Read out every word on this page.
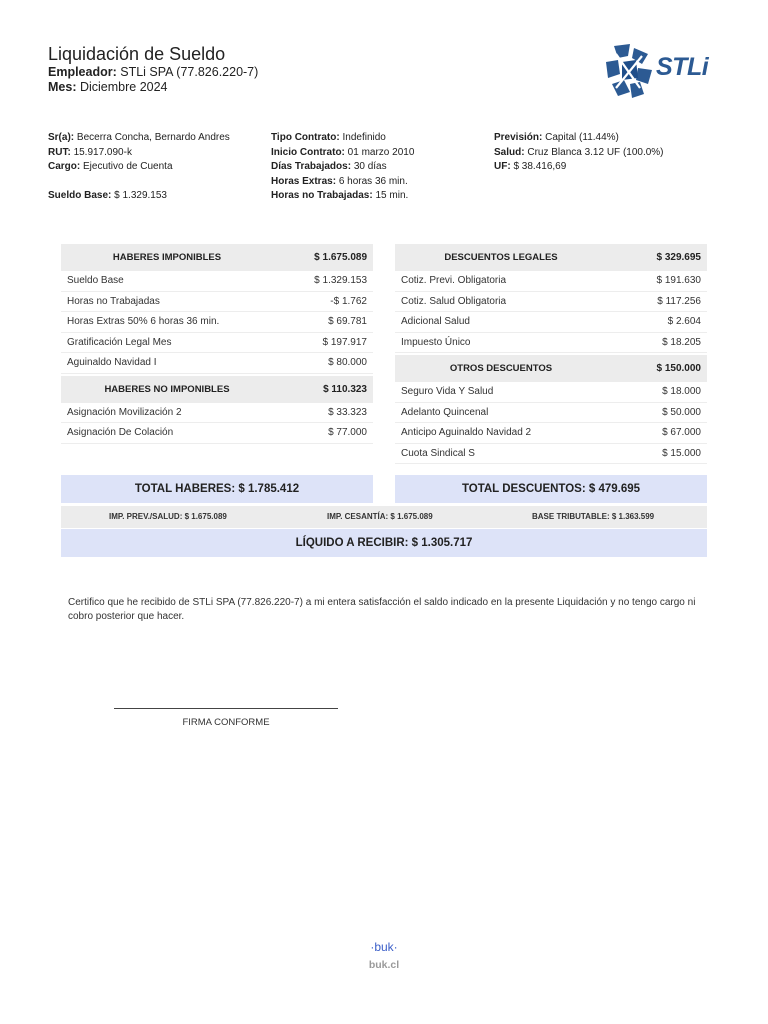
Liquidación de Sueldo
Empleador: STLi SPA (77.826.220-7)
Mes: Diciembre 2024
STLi
Sr(a): Becerra Concha, Bernardo Andres
RUT: 15.917.090-k
Cargo: Ejecutivo de Cuenta
Sueldo Base: $ 1.329.153
Tipo Contrato: Indefinido
Inicio Contrato: 01 marzo 2010
Días Trabajados: 30 días
Horas Extras: 6 horas 36 min.
Horas no Trabajadas: 15 min.
Previsión: Capital (11.44%)
Salud: Cruz Blanca 3.12 UF (100.0%)
UF: $ 38.416,69
HABERES IMPONIBLES	$ 1.675.089
Sueldo Base	$ 1.329.153
Horas no Trabajadas	-$ 1.762
Horas Extras 50% 6 horas 36 min.	$ 69.781
Gratificación Legal Mes	$ 197.917
Aguinaldo Navidad I	$ 80.000
HABERES NO IMPONIBLES	$ 110.323
Asignación Movilización 2	$ 33.323
Asignación De Colación	$ 77.000
DESCUENTOS LEGALES	$ 329.695
Cotiz. Previ. Obligatoria	$ 191.630
Cotiz. Salud Obligatoria	$ 117.256
Adicional Salud	$ 2.604
Impuesto Único	$ 18.205
OTROS DESCUENTOS	$ 150.000
Seguro Vida Y Salud	$ 18.000
Adelanto Quincenal	$ 50.000
Anticipo Aguinaldo Navidad 2	$ 67.000
Cuota Sindical S	$ 15.000
TOTAL HABERES: $ 1.785.412	TOTAL DESCUENTOS: $ 479.695
IMP. PREV./SALUD: $ 1.675.089	IMP. CESANTÍA: $ 1.675.089	BASE TRIBUTABLE: $ 1.363.599
LÍQUIDO A RECIBIR: $ 1.305.717
Certifico que he recibido de STLi SPA (77.826.220-7) a mi entera satisfacción el saldo indicado en la presente Liquidación y no tengo cargo ni cobro posterior que hacer.
FIRMA CONFORME
·buk·
buk.cl
